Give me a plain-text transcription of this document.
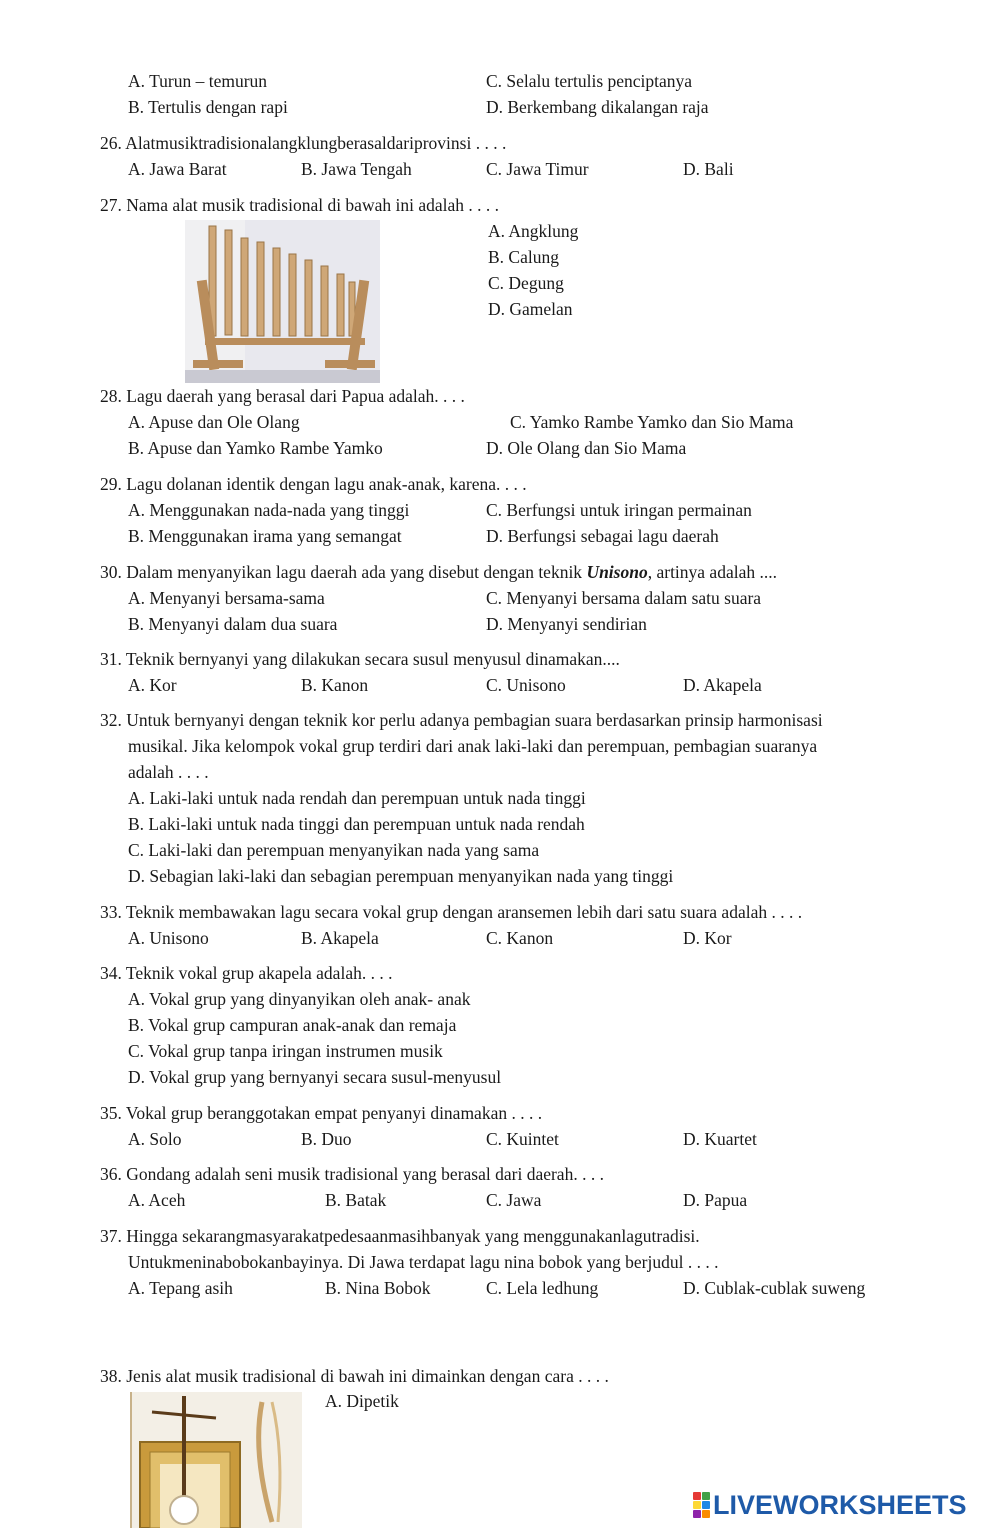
A. Turun – temurun	C. Selalu tertulis penciptanya
B. Tertulis dengan rapi	D. Berkembang dikalangan raja
26. Alatmusiktradisionalangklungberasaldariprovinsi . . . .
A. Jawa Barat	B. Jawa Tengah	C. Jawa Timur	D. Bali
27. Nama alat musik tradisional di bawah ini adalah . . . .
A. Angklung
B. Calung
C. Degung
D. Gamelan
28. Lagu daerah yang berasal dari Papua adalah. . . .
A. Apuse dan Ole Olang	C. Yamko Rambe Yamko dan Sio Mama
B. Apuse dan Yamko Rambe Yamko	D. Ole Olang dan Sio Mama
29. Lagu dolanan identik dengan lagu anak-anak, karena. . . .
A. Menggunakan nada-nada yang tinggi	C. Berfungsi untuk iringan permainan
B. Menggunakan irama yang semangat	D. Berfungsi sebagai lagu daerah
30. Dalam menyanyikan lagu daerah ada yang disebut dengan teknik Unisono, artinya adalah ....
A. Menyanyi bersama-sama	C. Menyanyi bersama dalam satu suara
B. Menyanyi dalam dua suara	D. Menyanyi sendirian
31. Teknik bernyanyi yang dilakukan secara susul menyusul dinamakan....
A. Kor	B. Kanon	C. Unisono	D. Akapela
32. Untuk bernyanyi dengan teknik kor perlu adanya pembagian suara berdasarkan prinsip harmonisasi
musikal. Jika kelompok vokal grup terdiri dari anak laki-laki dan perempuan, pembagian suaranya
adalah . . . .
A. Laki-laki untuk nada rendah dan perempuan untuk nada tinggi
B. Laki-laki untuk nada tinggi dan perempuan untuk nada rendah
C. Laki-laki dan perempuan menyanyikan nada yang sama
D. Sebagian laki-laki dan sebagian perempuan menyanyikan nada yang tinggi
33. Teknik membawakan lagu secara vokal grup dengan aransemen lebih dari satu suara adalah . . . .
A. Unisono	B. Akapela	C. Kanon	D. Kor
34. Teknik vokal grup akapela adalah. . . .
A. Vokal grup yang dinyanyikan oleh anak- anak
B. Vokal grup campuran anak-anak dan remaja
C. Vokal grup tanpa iringan instrumen musik
D. Vokal grup yang bernyanyi secara susul-menyusul
35. Vokal grup beranggotakan empat penyanyi dinamakan . . . .
A. Solo	B. Duo	C. Kuintet	D. Kuartet
36. Gondang adalah seni musik tradisional yang berasal dari daerah. . . .
A. Aceh	B. Batak	C. Jawa	D. Papua
37. Hingga sekarangmasyarakatpedesaanmasihbanyak yang menggunakanlagutradisi.
Untukmeninabobokanbayinya. Di Jawa terdapat lagu nina bobok yang berjudul . . . .
A. Tepang asih	B. Nina Bobok	C. Lela ledhung	D. Cublak-cublak suweng
38. Jenis alat musik tradisional di bawah ini dimainkan dengan cara . . . .
A. Dipetik
LIVEWORKSHEETS
